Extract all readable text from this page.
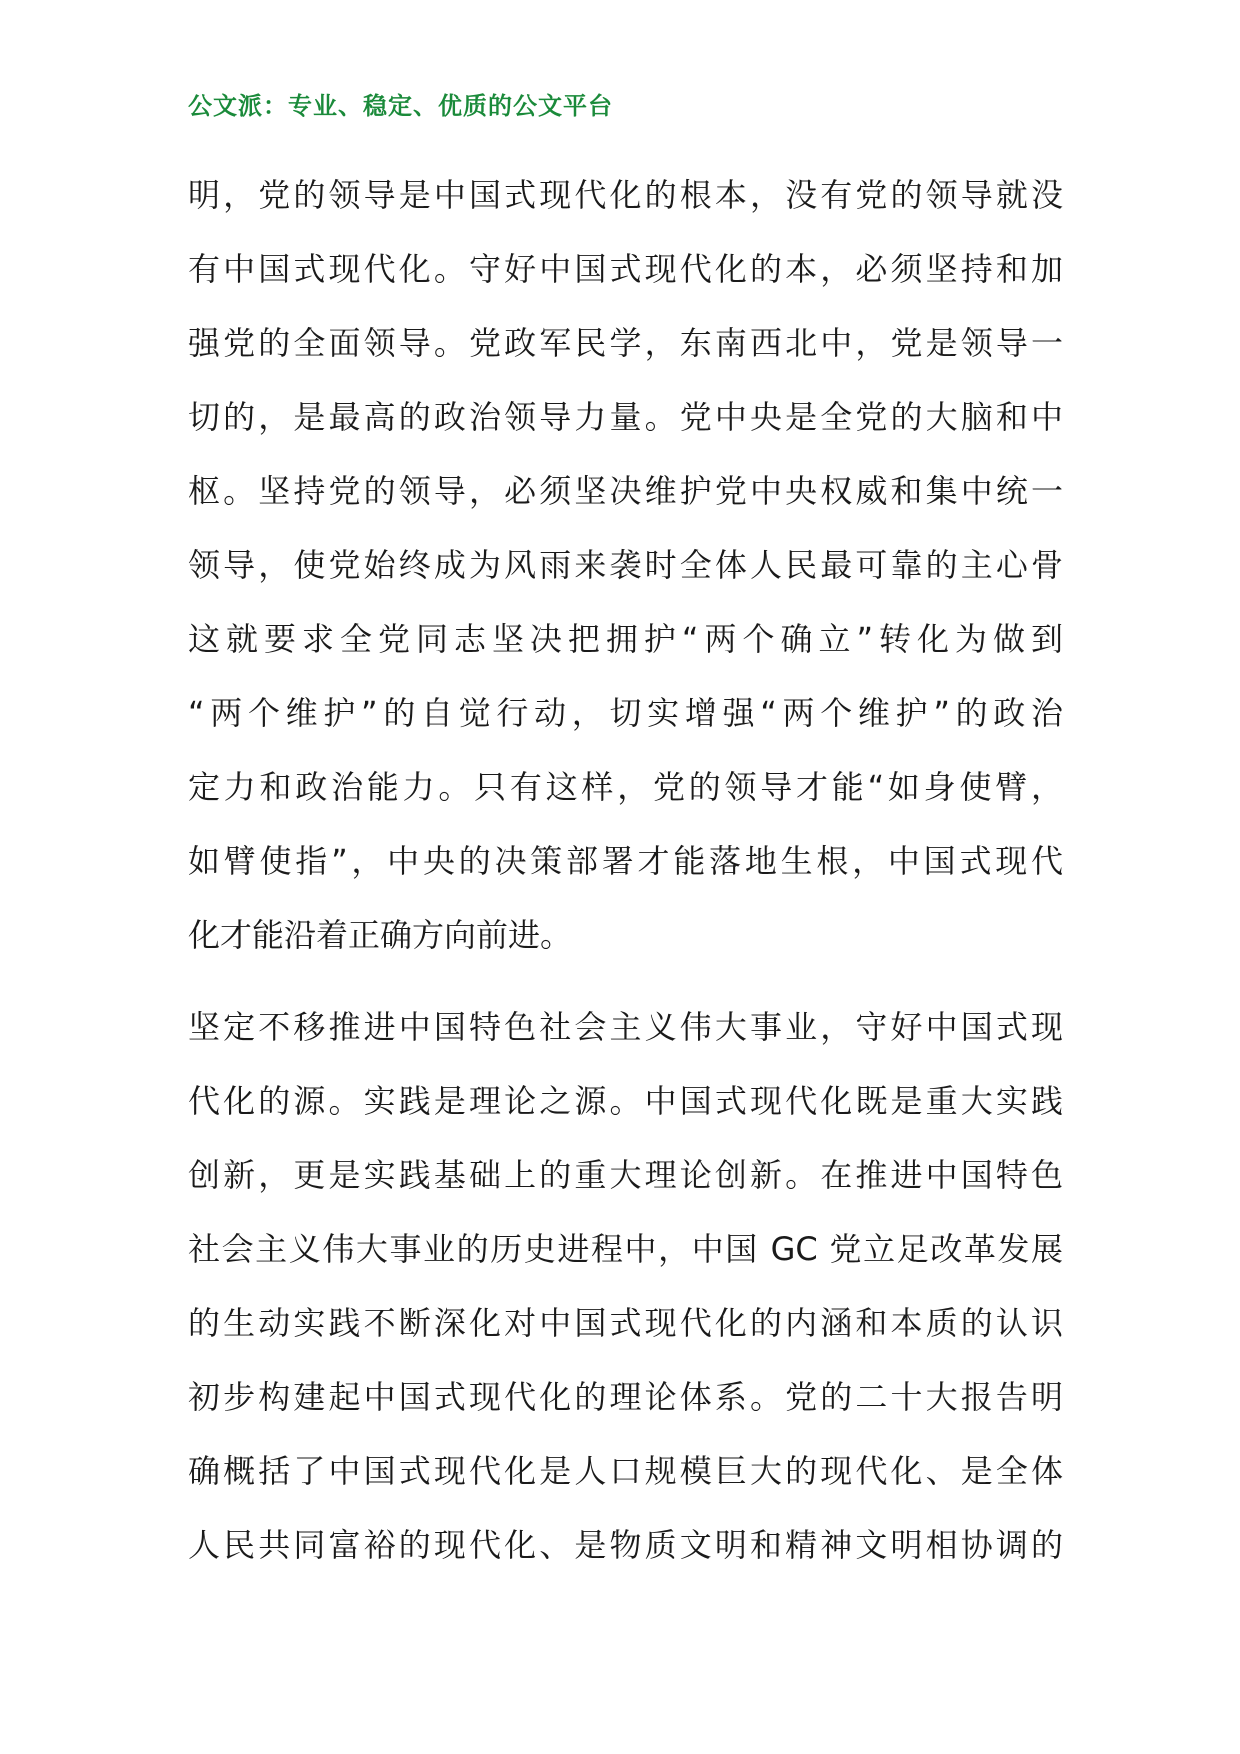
公文派：专业、稳定、优质的公文平台
明，党的领导是中国式现代化的根本，没有党的领导就没
有中国式现代化。守好中国式现代化的本，必须坚持和加
强党的全面领导。党政军民学，东南西北中，党是领导一
切的，是最高的政治领导力量。党中央是全党的大脑和中
枢。坚持党的领导，必须坚决维护党中央权威和集中统一
领导，使党始终成为风雨来袭时全体人民最可靠的主心骨
这就要求全党同志坚决把拥护“两个确立”转化为做到
“两个维护”的自觉行动，切实增强“两个维护”的政治
定力和政治能力。只有这样，党的领导才能“如身使臂，
如臂使指”，中央的决策部署才能落地生根，中国式现代
化才能沿着正确方向前进。
坚定不移推进中国特色社会主义伟大事业，守好中国式现
代化的源。实践是理论之源。中国式现代化既是重大实践
创新，更是实践基础上的重大理论创新。在推进中国特色
社会主义伟大事业的历史进程中，中国 GC 党立足改革发展
的生动实践不断深化对中国式现代化的内涵和本质的认识
初步构建起中国式现代化的理论体系。党的二十大报告明
确概括了中国式现代化是人口规模巨大的现代化、是全体
人民共同富裕的现代化、是物质文明和精神文明相协调的
